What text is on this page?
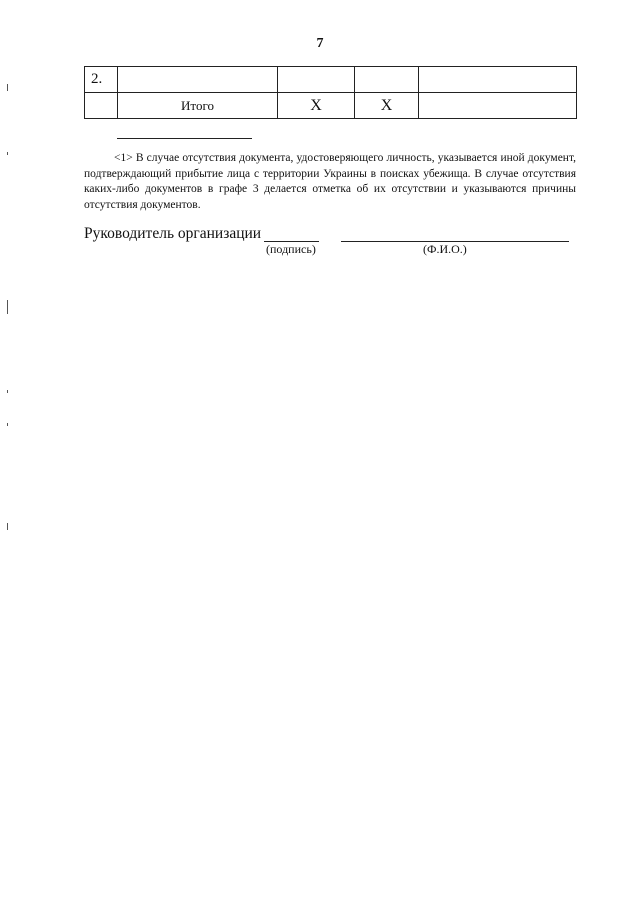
7
2.				
	Итого	Х	Х	

<1> В случае отсутствия документа, удостоверяющего личность, указывается иной документ, подтверждающий прибытие лица с территории Украины в поисках убежища. В случае отсутствия каких-либо документов в графе 3 делается отметка об их отсутствии и указываются причины отсутствия документов.

Руководитель организации
(подпись)	(Ф.И.О.)
